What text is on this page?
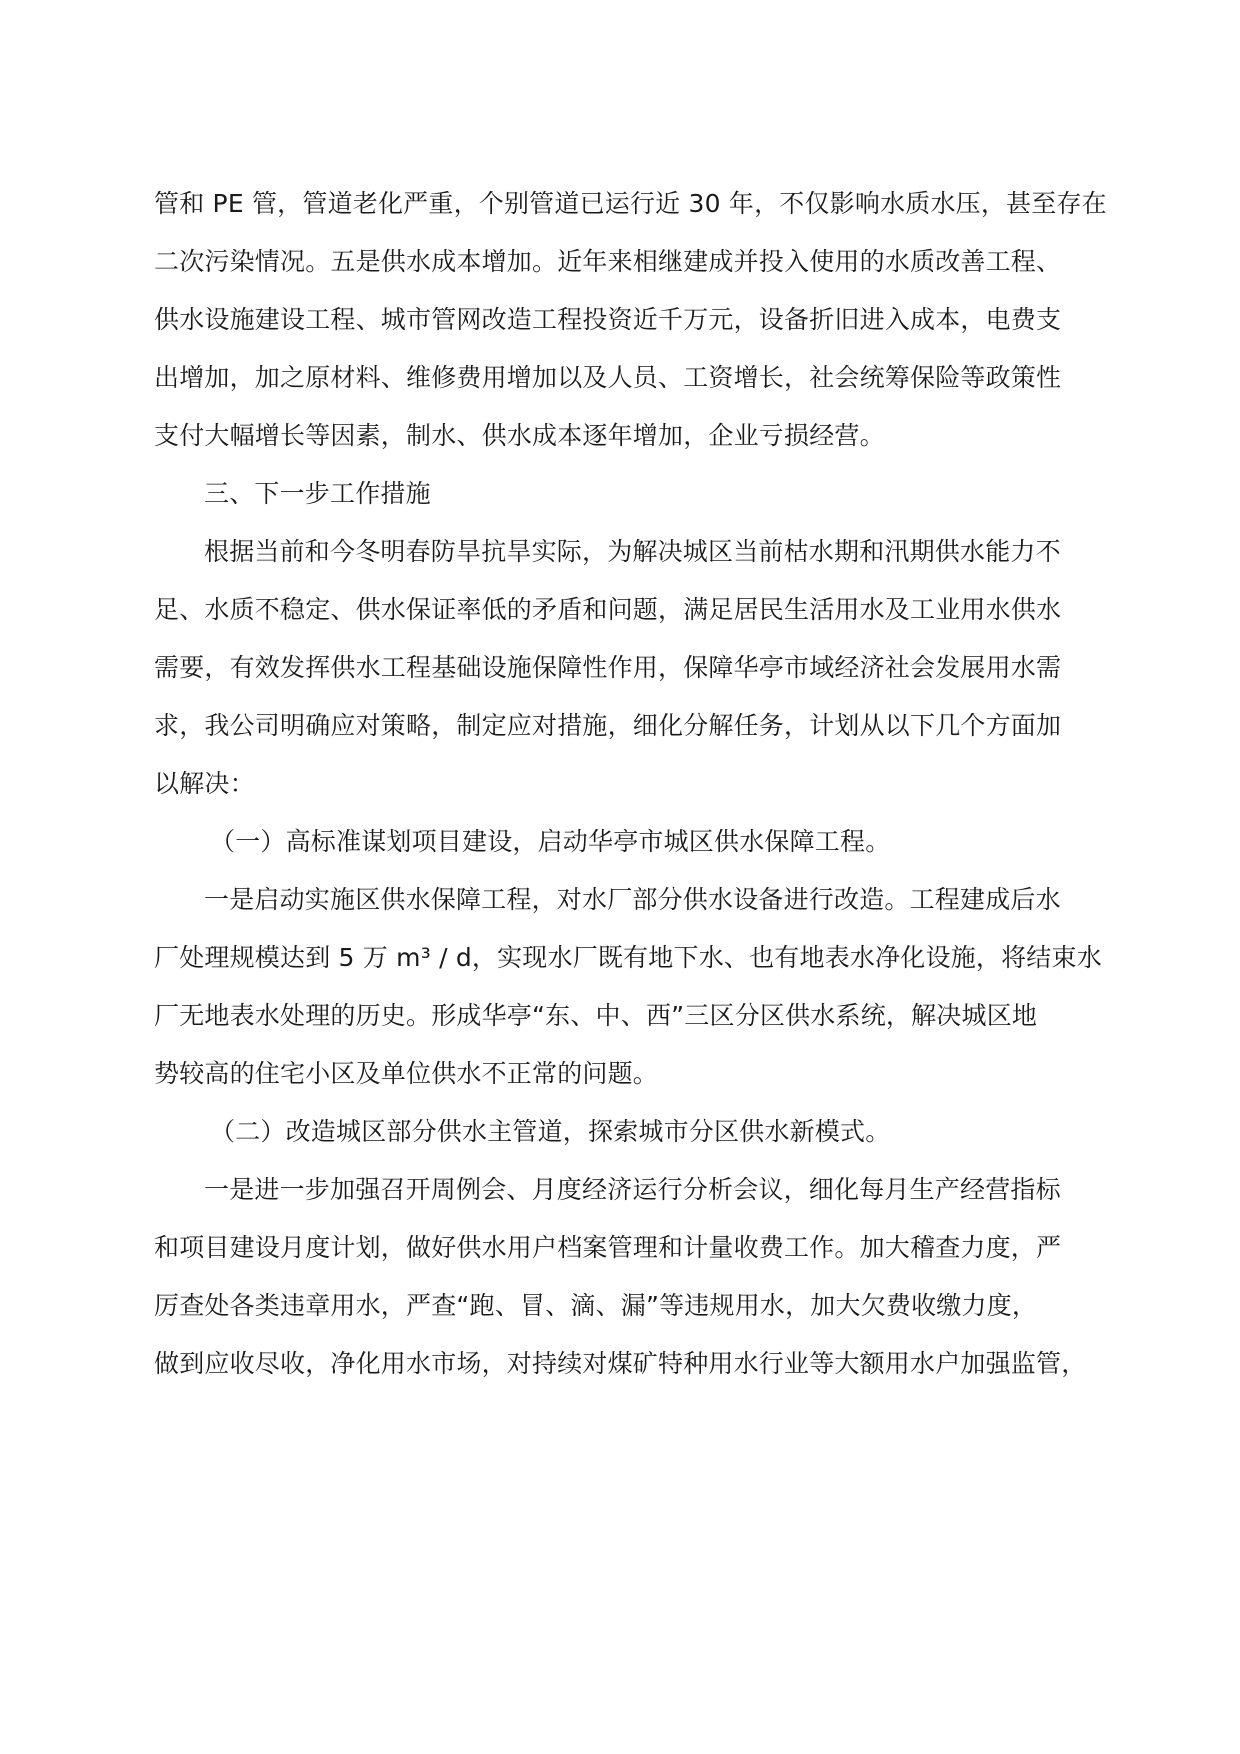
管和 PE 管，管道老化严重，个别管道已运行近 30 年，不仅影响水质水压，甚至存在
二次污染情况。五是供水成本增加。近年来相继建成并投入使用的水质改善工程、
供水设施建设工程、城市管网改造工程投资近千万元，设备折旧进入成本，电费支
出增加，加之原材料、维修费用增加以及人员、工资增长，社会统筹保险等政策性
支付大幅增长等因素，制水、供水成本逐年增加，企业亏损经营。
三、下一步工作措施
根据当前和今冬明春防旱抗旱实际，为解决城区当前枯水期和汛期供水能力不
足、水质不稳定、供水保证率低的矛盾和问题，满足居民生活用水及工业用水供水
需要，有效发挥供水工程基础设施保障性作用，保障华亭市域经济社会发展用水需
求，我公司明确应对策略，制定应对措施，细化分解任务，计划从以下几个方面加
以解决：
（一）高标准谋划项目建设，启动华亭市城区供水保障工程。
一是启动实施区供水保障工程，对水厂部分供水设备进行改造。工程建成后水
厂处理规模达到 5 万 m³ / d，实现水厂既有地下水、也有地表水净化设施，将结束水
厂无地表水处理的历史。形成华亭“东、中、西”三区分区供水系统，解决城区地
势较高的住宅小区及单位供水不正常的问题。
（二）改造城区部分供水主管道，探索城市分区供水新模式。
一是进一步加强召开周例会、月度经济运行分析会议，细化每月生产经营指标
和项目建设月度计划，做好供水用户档案管理和计量收费工作。加大稽查力度，严
厉查处各类违章用水，严查“跑、冒、滴、漏”等违规用水，加大欠费收缴力度，
做到应收尽收，净化用水市场，对持续对煤矿特种用水行业等大额用水户加强监管，
